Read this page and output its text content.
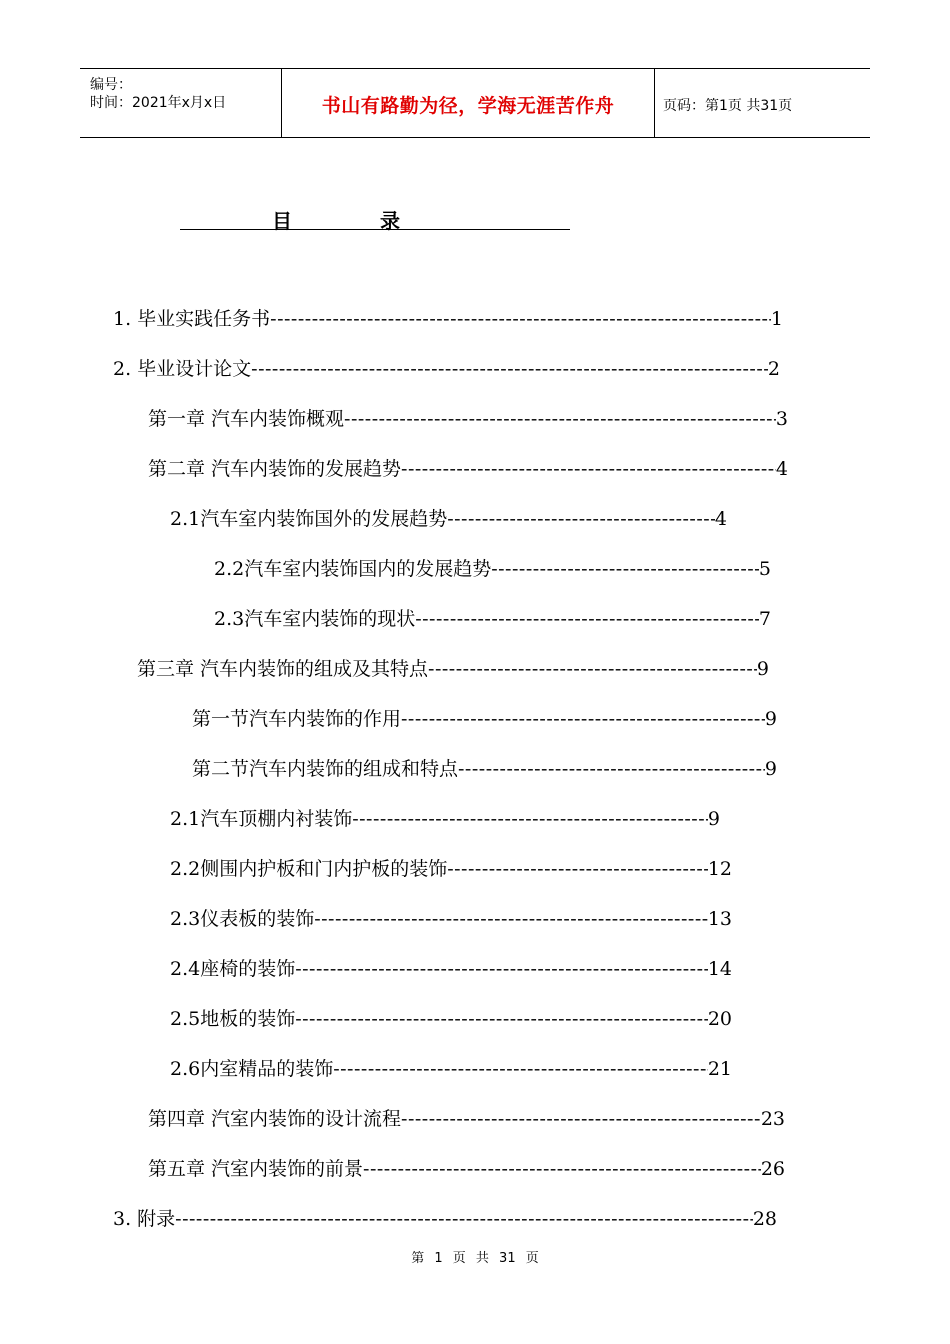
编号：
时间：2021年x月x日	书山有路勤为径，学海无涯苦作舟	页码：第1页 共31页
目	录
1. 毕业实践任务书 -----	1
2. 毕业设计论文 -----	2
第一章 汽车内装饰概观 -----	3
第二章 汽车内装饰的发展趋势 -----	4
2.1汽车室内装饰国外的发展趋势 -----	4
2.2汽车室内装饰国内的发展趋势 -----	5
2.3汽车室内装饰的现状 -----	7
第三章 汽车内装饰的组成及其特点 -----	9
第一节汽车内装饰的作用 -----	9
第二节汽车内装饰的组成和特点 -----	9
2.1汽车顶棚内衬装饰 -----	9
2.2侧围内护板和门内护板的装饰 -----	12
2.3仪表板的装饰 -----	13
2.4座椅的装饰 -----	14
2.5地板的装饰 -----	20
2.6内室精品的装饰 -----	21
第四章 汽室内装饰的设计流程 -----	23
第五章 汽室内装饰的前景 -----	26
3. 附录 -----	28
第 1 页 共 31 页
